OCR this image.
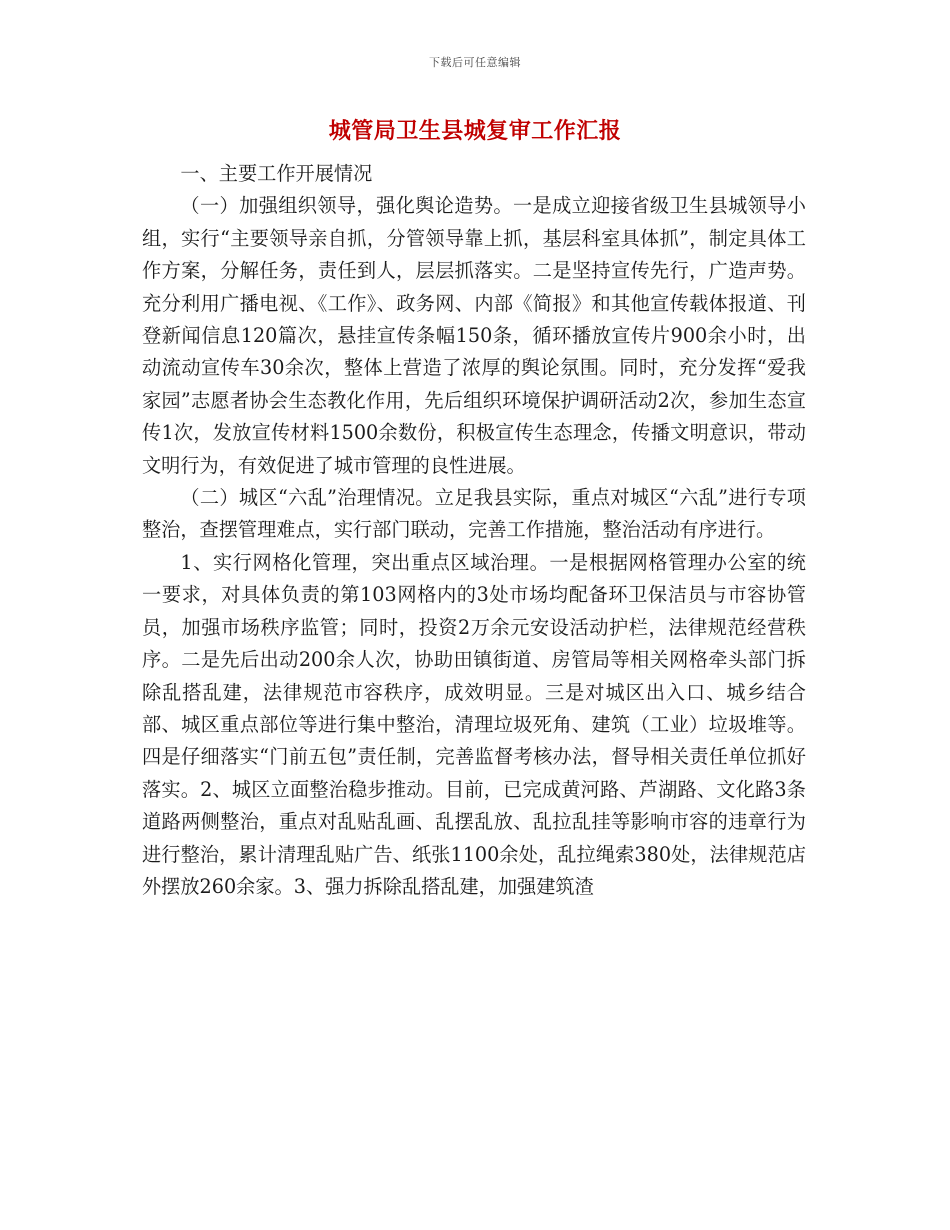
下载后可任意编辑
城管局卫生县城复审工作汇报

一、主要工作开展情况

（一）加强组织领导，强化舆论造势。一是成立迎接省级卫生县城领导小组，实行“主要领导亲自抓，分管领导靠上抓，基层科室具体抓”，制定具体工作方案，分解任务，责任到人，层层抓落实。二是坚持宣传先行，广造声势。充分利用广播电视、《工作》、政务网、内部《简报》和其他宣传载体报道、刊登新闻信息120篇次，悬挂宣传条幅150条，循环播放宣传片900余小时，出动流动宣传车30余次，整体上营造了浓厚的舆论氛围。同时，充分发挥“爱我家园”志愿者协会生态教化作用，先后组织环境保护调研活动2次，参加生态宣传1次，发放宣传材料1500余数份，积极宣传生态理念，传播文明意识，带动文明行为，有效促进了城市管理的良性进展。

（二）城区“六乱”治理情况。立足我县实际，重点对城区“六乱”进行专项整治，查摆管理难点，实行部门联动，完善工作措施，整治活动有序进行。

1、实行网格化管理，突出重点区域治理。一是根据网格管理办公室的统一要求，对具体负责的第103网格内的3处市场均配备环卫保洁员与市容协管员，加强市场秩序监管；同时，投资2万余元安设活动护栏，法律规范经营秩序。二是先后出动200余人次，协助田镇街道、房管局等相关网格牵头部门拆除乱搭乱建，法律规范市容秩序，成效明显。三是对城区出入口、城乡结合部、城区重点部位等进行集中整治，清理垃圾死角、建筑（工业）垃圾堆等。四是仔细落实“门前五包”责任制，完善监督考核办法，督导相关责任单位抓好落实。2、城区立面整治稳步推动。目前，已完成黄河路、芦湖路、文化路3条道路两侧整治，重点对乱贴乱画、乱摆乱放、乱拉乱挂等影响市容的违章行为进行整治，累计清理乱贴广告、纸张1100余处，乱拉绳索380处，法律规范店外摆放260余家。3、强力拆除乱搭乱建，加强建筑渣
